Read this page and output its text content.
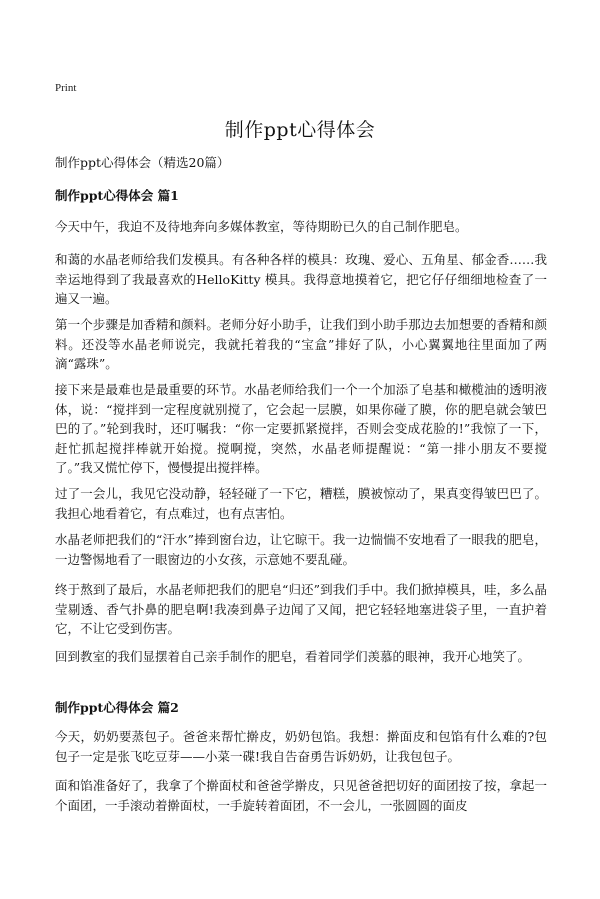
Print
制作ppt心得体会
制作ppt心得体会（精选20篇）
制作ppt心得体会 篇1
今天中午，我迫不及待地奔向多媒体教室，等待期盼已久的自己制作肥皂。
和蔼的水晶老师给我们发模具。有各种各样的模具：玫瑰、爱心、五角星、郁金香……我幸运地得到了我最喜欢的HelloKitty 模具。我得意地摸着它，把它仔仔细细地检查了一遍又一遍。
第一个步骤是加香精和颜料。老师分好小助手，让我们到小助手那边去加想要的香精和颜料。还没等水晶老师说完，我就托着我的“宝盒”排好了队，小心翼翼地往里面加了两滴“露珠”。
接下来是最难也是最重要的环节。水晶老师给我们一个一个加添了皂基和橄榄油的透明液体，说：“搅拌到一定程度就别搅了，它会起一层膜，如果你碰了膜，你的肥皂就会皱巴巴的了。”轮到我时，还叮嘱我：“你一定要抓紧搅拌，否则会变成花脸的!”我惊了一下，赶忙抓起搅拌棒就开始搅。搅啊搅，突然，水晶老师提醒说：“第一排小朋友不要搅了。”我又慌忙停下，慢慢提出搅拌棒。
过了一会儿，我见它没动静，轻轻碰了一下它，糟糕，膜被惊动了，果真变得皱巴巴了。我担心地看着它，有点难过，也有点害怕。
水晶老师把我们的“汗水”捧到窗台边，让它晾干。我一边惴惴不安地看了一眼我的肥皂，一边警惕地看了一眼窗边的小女孩，示意她不要乱碰。
终于熬到了最后，水晶老师把我们的肥皂“归还”到我们手中。我们掀掉模具，哇，多么晶莹剔透、香气扑鼻的肥皂啊!我凑到鼻子边闻了又闻，把它轻轻地塞进袋子里，一直护着它，不让它受到伤害。
回到教室的我们显摆着自己亲手制作的肥皂，看着同学们羡慕的眼神，我开心地笑了。
制作ppt心得体会 篇2
今天，奶奶要蒸包子。爸爸来帮忙擀皮，奶奶包馅。我想：擀面皮和包馅有什么难的?包包子一定是张飞吃豆芽——小菜一碟!我自告奋勇告诉奶奶，让我包包子。
面和馅准备好了，我拿了个擀面杖和爸爸学擀皮，只见爸爸把切好的面团按了按，拿起一个面团，一手滚动着擀面杖，一手旋转着面团，不一会儿，一张圆圆的面皮
